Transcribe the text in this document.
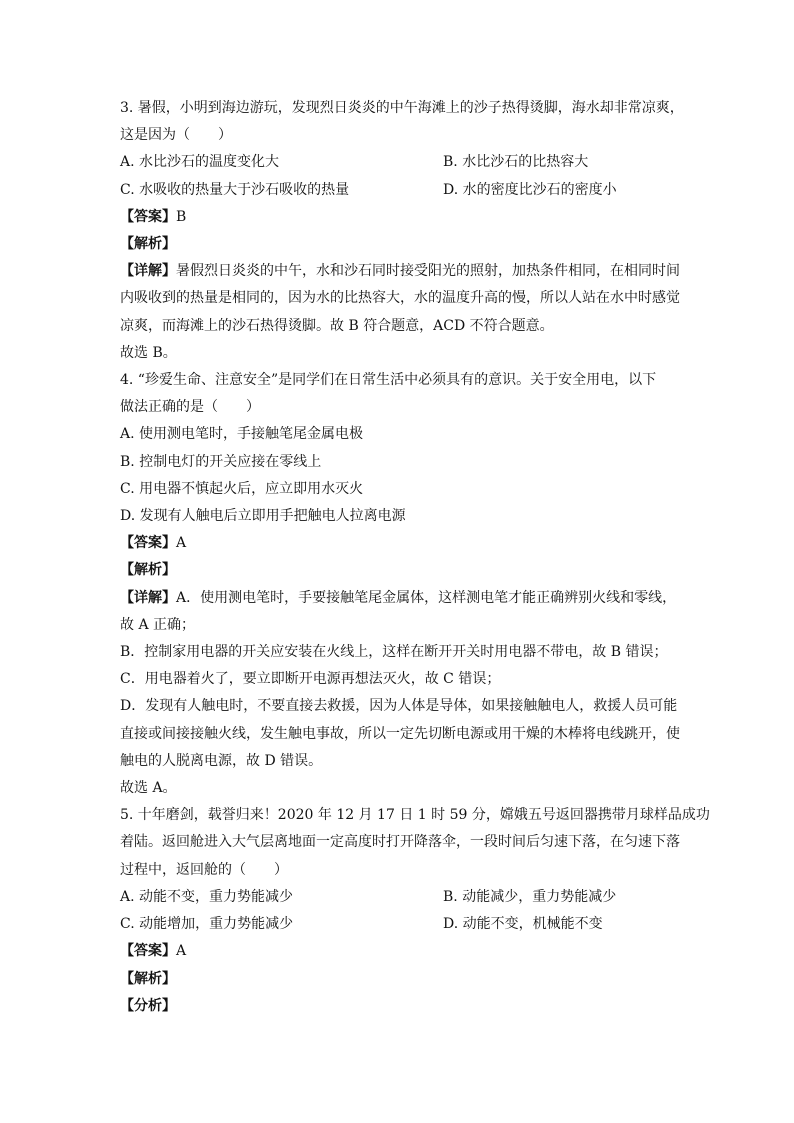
3. 暑假，小明到海边游玩，发现烈日炎炎的中午海滩上的沙子热得烫脚，海水却非常凉爽，
这是因为（　　）
A. 水比沙石的温度变化大	B. 水比沙石的比热容大
C. 水吸收的热量大于沙石吸收的热量	D. 水的密度比沙石的密度小
【答案】B
【解析】
【详解】暑假烈日炎炎的中午，水和沙石同时接受阳光的照射，加热条件相同，在相同时间
内吸收到的热量是相同的，因为水的比热容大，水的温度升高的慢，所以人站在水中时感觉
凉爽，而海滩上的沙石热得烫脚。故 B 符合题意，ACD 不符合题意。
故选 B。
4. “珍爱生命、注意安全”是同学们在日常生活中必须具有的意识。关于安全用电，以下
做法正确的是（　　）
A. 使用测电笔时，手接触笔尾金属电极
B. 控制电灯的开关应接在零线上
C. 用电器不慎起火后，应立即用水灭火
D. 发现有人触电后立即用手把触电人拉离电源
【答案】A
【解析】
【详解】A．使用测电笔时，手要接触笔尾金属体，这样测电笔才能正确辨别火线和零线，
故 A 正确；
B．控制家用电器的开关应安装在火线上，这样在断开开关时用电器不带电，故 B 错误；
C．用电器着火了，要立即断开电源再想法灭火，故 C 错误；
D．发现有人触电时，不要直接去救援，因为人体是导体，如果接触触电人，救援人员可能
直接或间接接触火线，发生触电事故，所以一定先切断电源或用干燥的木棒将电线跳开，使
触电的人脱离电源，故 D 错误。
故选 A。
5. 十年磨剑，载誉归来！2020 年 12 月 17 日 1 时 59 分，嫦娥五号返回器携带月球样品成功
着陆。返回舱进入大气层离地面一定高度时打开降落伞，一段时间后匀速下落，在匀速下落
过程中，返回舱的（　　）
A. 动能不变，重力势能减少	B. 动能减少，重力势能减少
C. 动能增加，重力势能减少	D. 动能不变，机械能不变
【答案】A
【解析】
【分析】
